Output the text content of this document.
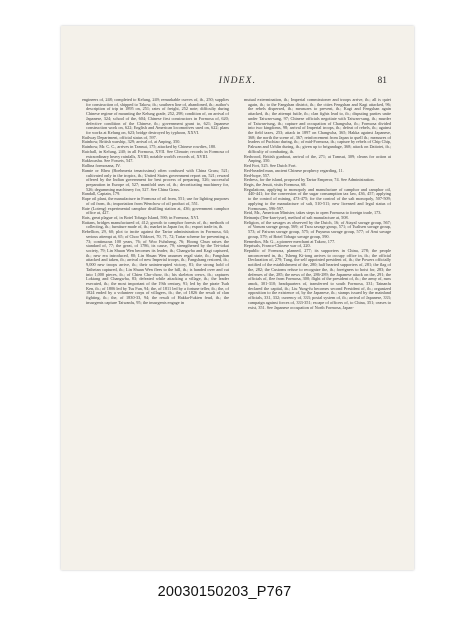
INDEX.	81

engineers of, 248; completed to Kelung, 249; remarkable curves of, ib., 250; supplies for construction of, shipped to Takow, ib.; southern line of, abandoned, ib.; author's description of trip in 1895 on, 251; rates of freight, 252 note; difficulty during Chinese regime of mounting the Kelung grade, 252, 298; condition of, on arrival of Japanese, 324; school of the, 604; Chinese first constructors in Formosa of, 620; defective condition of the Chinese, ib.; government grant to, 621; Japanese construction work on, 622; English and American locomotives used on, 622; plans for works at Kelung on, 623; bridge destroyed by typhoon, XXVI.

Railway Department, official status of, 597.

Rainbow, British warship, 329; arrival of, at Anping, 350.

Rainbow, Mr. C. C., arrives in Tamsui, 175; attacked by Chinese rowdies, 180.

Raichall, in Kelung, 240; in all Formosa, XVII. See Climate; records in Formosa of extraordinary heavy rainfalls, XVIII; notable world's records of, XVIII.

Rakkwashu. See Fossets, 547.

Rallina formosana, IV.

Ramie or Rhea (Boehmeria tenacissima) often confused with China Grass; 521; cultivated only in the tropics, ib.; United States government report on, 521; reward offered by the Indian government for best process of preparing, 526; successful preparation in Europe of, 527; manifold uses of, ib.; decorticating machinery for, 526; degumming machinery for, 527. See China Grass.

Randall, Captain, 179.

Rape oil plant, the manufacture in Formosa of oil from, 551; use for lighting purposes of oil from, ib.; importation from Wenchow of oil product of, 551.

Rate (Loteng) experimental camphor distilling station at, 436; government camphor office at, 427.

Rats, great plague of, in Botel Tobago Island, 590; in Formosa, XVI.

Rattans, bridges manufactured of, 412; growth to camphor forests of, ib.; methods of collecting, ib.; furniture made of, ib.; market in Japan for, ib.; export trade in, ib.

Rebellion, 29, 60; plot to incite against the Tartar administration in Formosa, 64; serious attempt at, 65; of Choo Yihkwei, 70, 71, 72; Tartar scheme for preventing a, 73; continuous 100 years, 76; of Woo Fuhsheng, 76; Hoong Chun raises the standard of, 77; the great, of 1786, its cause, 79; strengthened by the Tei-tokai society, 79; Lin Shuan Wen becomes its leader, ib.; Changwha and Kagi captured, ib.; new era introduced, 80; Lin Shuan Wen assumes regal state, ib.; Fangshan attacked and taken, ib.; arrival of new Imperial troops, ib.; Fangshang restored, ib.; 9,000 new troops arrive, ib.; their uninterrupted victory, 81; the strong hold of Taiheian captured, ib.; Lin Shuan Wen flees to the hill, ib.; is handed over and cut into 1,000 pieces, ib.; of Chien Cho-chow, ib.; his skeleton crews, ib.; captures Lokiang and Changwha, 83; defeated while attacking a village, ib.; the leader executed, ib.; the most important of the 19th century, 91; led by the pirate Tsah Ken, ib.; of 1806 led by Tsu Fun, 94; the, of 1811 led by a fortune teller, ib.; the, of 1824 ended by a volunteer corps of villagers, ib.; the, of 1826 the result of clan fighting, ib.; the, of 1830-33, 94; the result of Hakka-Fukien feud, ib.; the insurgents capture Taiwanfu, 95; the insurgents engage in

mutual extermination, ib.; Imperial commissioner and troops arrive, ib.; all is quiet again, ib.; to the Fangshan district, ib.; the cities Fengshan and Kagi attacked, 96; the rebels dispersed, ib.; measures to prevent, ib.; Kagi and Fengshan again attacked, ib.; the attempt futile, ib.; clan fights lead to, ib.; disputing parties unite under Taiwan-sung, 97; Chinese officials negotiate with Taiwan-sung, ib.; murder of Taiwan-tung, ib.; capture and occupation of Changwha, ib.; Formosa divided into two kingdoms, 98; arrival of Imperial troops, ib.; defeat of rebels, ib.; against the field taxes, 253; attack in 1897 on Changwha, 365; Hakka against Japanese, 368; the north the scene of, 367; reinforcement from Japan to quell ib.; measures of leaders of Puchiao during, ib.; of mid-Formosa, ib.; capture by rebels of Chip Chip, Pakwan and Urhlin during, ib.; given up to brigandage, 368; attack on Daitotei, ib.; difficulty of combating, ib.

Redwood, British gunboat, arrival of the, 271; at Tamsui, 309; cleans for action at Anping, 350.

Red Fort, 525. See Dutch Fort.

Red-headed man, ancient Chinese prophecy regarding, 11.

Red-hope, 557.

Redress, for the island, proposed by Tartar Emperor, 74. See Administration.

Regis, the Jesuit, visits Formosa, 68.

Regulations, applying to monopoly and manufacture of camphor and camphor oil, 440-441; for the conversion of the sugar consumption tax law, 436, 457; applying to the control of mining, 473-475; for the control of the salt monopoly, 507-509; applying to the manufacture of salt, 510-511; new licensed and legal status of Formosans, 596-597.

Reid, Mr., American Minister, takes steps to open Formosa to foreign trade, 173.

Reinanju (Ten-kan-tyue), method of salt manufacture at, 508.

Religion, of the savages as observed by the Dutch, 16; of Atayal savage group, 567; of Vonum savage group, 569; of Tsou savage group, 571; of Tsalisen savage group, 573; of Paiwan savage group, 575; of Puyuma savage group, 577; of Ami savage group, 579; of Botel Tobago savage group, 590.

Remedios, Mr. G., a pioneer merchant at Takow, 177.

Reprisals, Franco-Chinese war of, 220.

Republic of Formosa, planned, 277; its supporters in China, 278; the people unconcerned in, ib.; Tsheng Ki-tong arrives to occupy office in, ib.; the official Declaration of, 279; Tang, the self appointed president of, ib.; the Powers officially notified of the establishment of the, 280; half hearted supporters of, 281; the flag of the, 282; the Customs refuse to recognize the, ib.; foreigners to hoist for, 283; the defenses of the, 285; the news of the, 286-289; the Japanese attack on the, 291; the officials of, flee from Formosa, 300; flight of the president of, ib.; the army of, runs amok, 301-310; headquarters of, transferred to south Formosa, 331; Tainanfu declared the capital, ib.; Liu Yung-fu becomes second President of, ib.; organized opposition to the existence of, by the Japanese, ib.; stamps issued by the mainland officials, 331, 332; currency of, 333; postal system of, ib.; arrival of Japanese, 333; campaign against forces of, 333-351; escape of officers of, to China, 351; ceases to exist, 351. See Japanese occupation of North Formosa, Japan-

20030150203_P767
